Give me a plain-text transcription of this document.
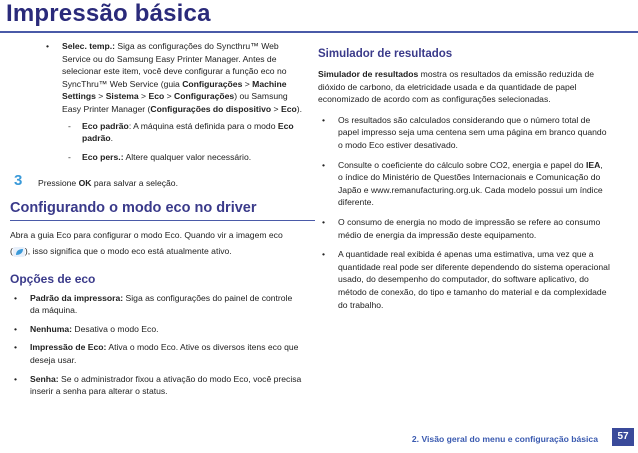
Impressão básica
• Selec. temp.: Siga as configurações do Syncthru™ Web
Service ou do Samsung Easy Printer Manager. Antes de
selecionar este item, você deve configurar a função eco no
SyncThru™ Web Service (guia Configurações > Machine
Settings > Sistema > Eco > Configurações) ou Samsung
Easy Printer Manager (Configurações do dispositivo > Eco).
- Eco padrão: A máquina está definida para o modo Eco
padrão.
- Eco pers.: Altere qualquer valor necessário.
3 Pressione OK para salvar a seleção.
Configurando o modo eco no driver
Abra a guia Eco para configurar o modo Eco. Quando vir a imagem eco
( ), isso significa que o modo eco está atualmente ativo.
Opções de eco
• Padrão da impressora: Siga as configurações do painel de controle
da máquina.
• Nenhuma: Desativa o modo Eco.
• Impressão de Eco: Ativa o modo Eco. Ative os diversos itens eco que
deseja usar.
• Senha: Se o administrador fixou a ativação do modo Eco, você precisa
inserir a senha para alterar o status.
Simulador de resultados
Simulador de resultados mostra os resultados da emissão reduzida de
dióxido de carbono, da eletricidade usada e da quantidade de papel
economizado de acordo com as configurações selecionadas.
• Os resultados são calculados considerando que o número total de
papel impresso seja uma centena sem uma página em branco quando
o modo Eco estiver desativado.
• Consulte o coeficiente do cálculo sobre CO2, energia e papel do IEA,
o índice do Ministério de Questões Internacionais e Comunicação do
Japão e www.remanufacturing.org.uk. Cada modelo possui um índice
diferente.
• O consumo de energia no modo de impressão se refere ao consumo
médio de energia da impressão deste equipamento.
• A quantidade real exibida é apenas uma estimativa, uma vez que a
quantidade real pode ser diferente dependendo do sistema operacional
usado, do desempenho do computador, do software aplicativo, do
método de conexão, do tipo e tamanho do material e da complexidade
do trabalho.
2. Visão geral do menu e configuração básica	57
